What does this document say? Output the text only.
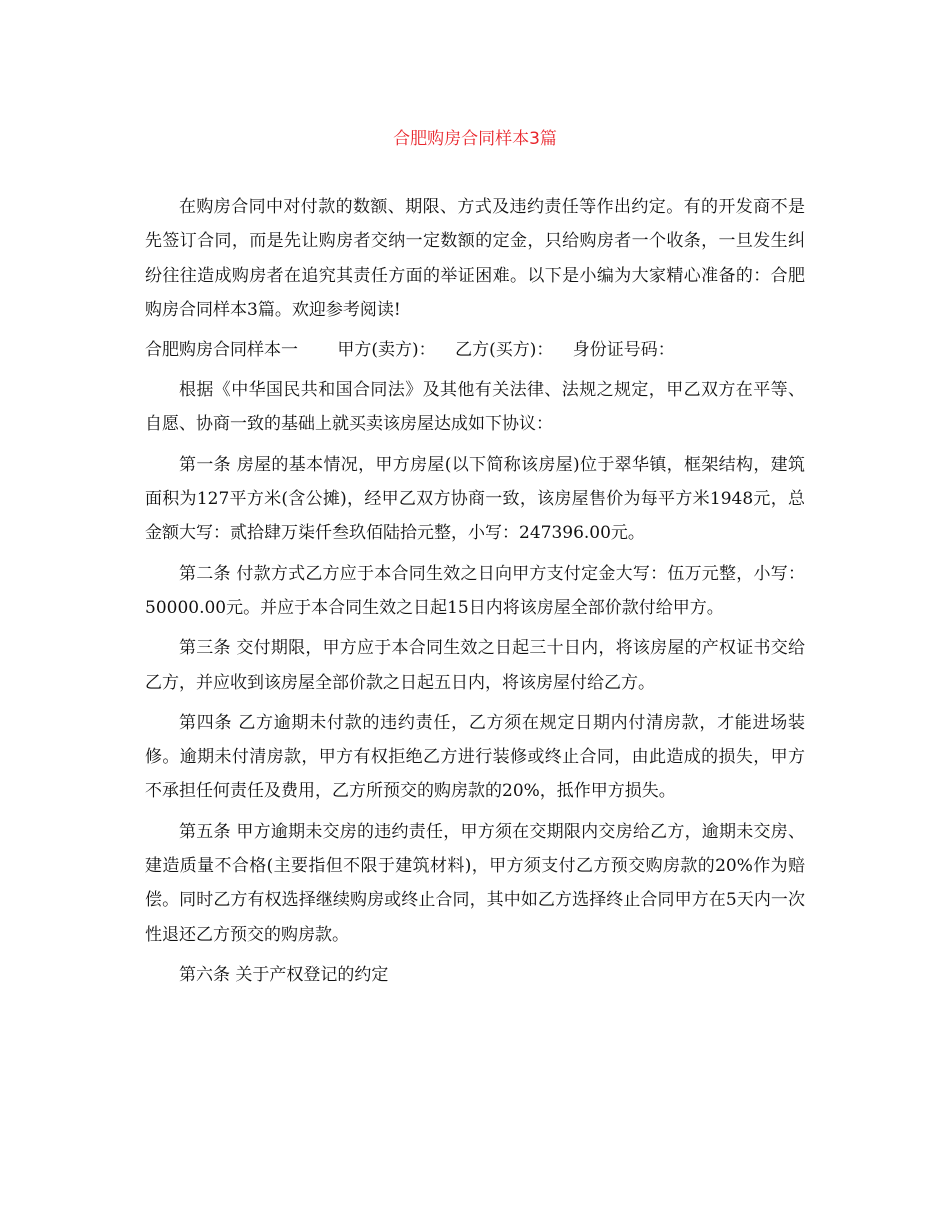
合肥购房合同样本3篇

在购房合同中对付款的数额、期限、方式及违约责任等作出约定。有的开发商不是先签订合同，而是先让购房者交纳一定数额的定金，只给购房者一个收条，一旦发生纠纷往往造成购房者在追究其责任方面的举证困难。以下是小编为大家精心准备的：合肥购房合同样本3篇。欢迎参考阅读!

合肥购房合同样本一 甲方(卖方)： 乙方(买方)： 身份证号码：

根据《中华国民共和国合同法》及其他有关法律、法规之规定，甲乙双方在平等、自愿、协商一致的基础上就买卖该房屋达成如下协议：

第一条 房屋的基本情况，甲方房屋(以下简称该房屋)位于翠华镇，框架结构，建筑面积为127平方米(含公摊)，经甲乙双方协商一致，该房屋售价为每平方米1948元，总金额大写：贰拾肆万柒仟叁玖佰陆拾元整，小写：247396.00元。

第二条 付款方式乙方应于本合同生效之日向甲方支付定金大写：伍万元整，小写：50000.00元。并应于本合同生效之日起15日内将该房屋全部价款付给甲方。

第三条 交付期限，甲方应于本合同生效之日起三十日内，将该房屋的产权证书交给乙方，并应收到该房屋全部价款之日起五日内，将该房屋付给乙方。

第四条 乙方逾期未付款的违约责任，乙方须在规定日期内付清房款，才能进场装修。逾期未付清房款，甲方有权拒绝乙方进行装修或终止合同，由此造成的损失，甲方不承担任何责任及费用，乙方所预交的购房款的20%，抵作甲方损失。

第五条 甲方逾期未交房的违约责任，甲方须在交期限内交房给乙方，逾期未交房、建造质量不合格(主要指但不限于建筑材料)，甲方须支付乙方预交购房款的20%作为赔偿。同时乙方有权选择继续购房或终止合同，其中如乙方选择终止合同甲方在5天内一次性退还乙方预交的购房款。

第六条 关于产权登记的约定
